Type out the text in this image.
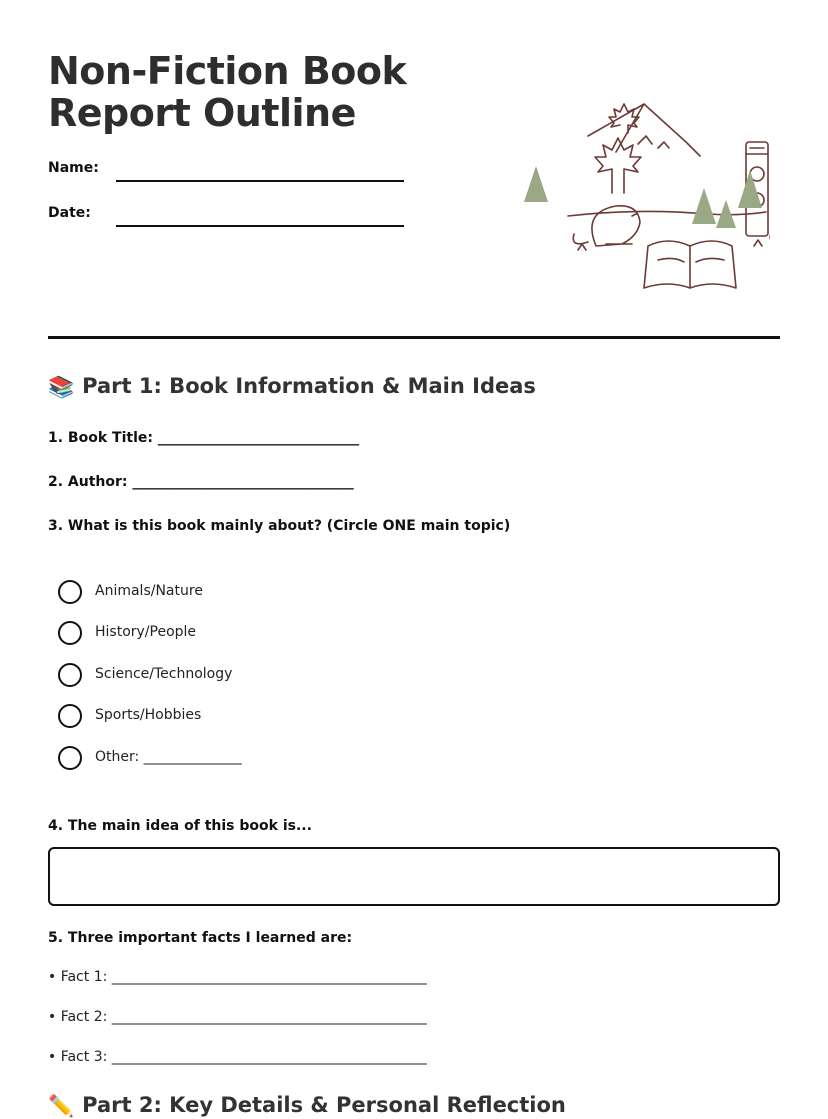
Non-Fiction Book
Report Outline
Name:
Date:
📚 Part 1: Book Information & Main Ideas
1. Book Title: ______________________________
2. Author: _________________________________
3. What is this book mainly about? (Circle ONE main topic)
Animals/Nature
History/People
Science/Technology
Sports/Hobbies
Other: ______________
4. The main idea of this book is...
5. Three important facts I learned are:
• Fact 1: _____________________________________________
• Fact 2: _____________________________________________
• Fact 3: _____________________________________________
✏️ Part 2: Key Details & Personal Reflection
